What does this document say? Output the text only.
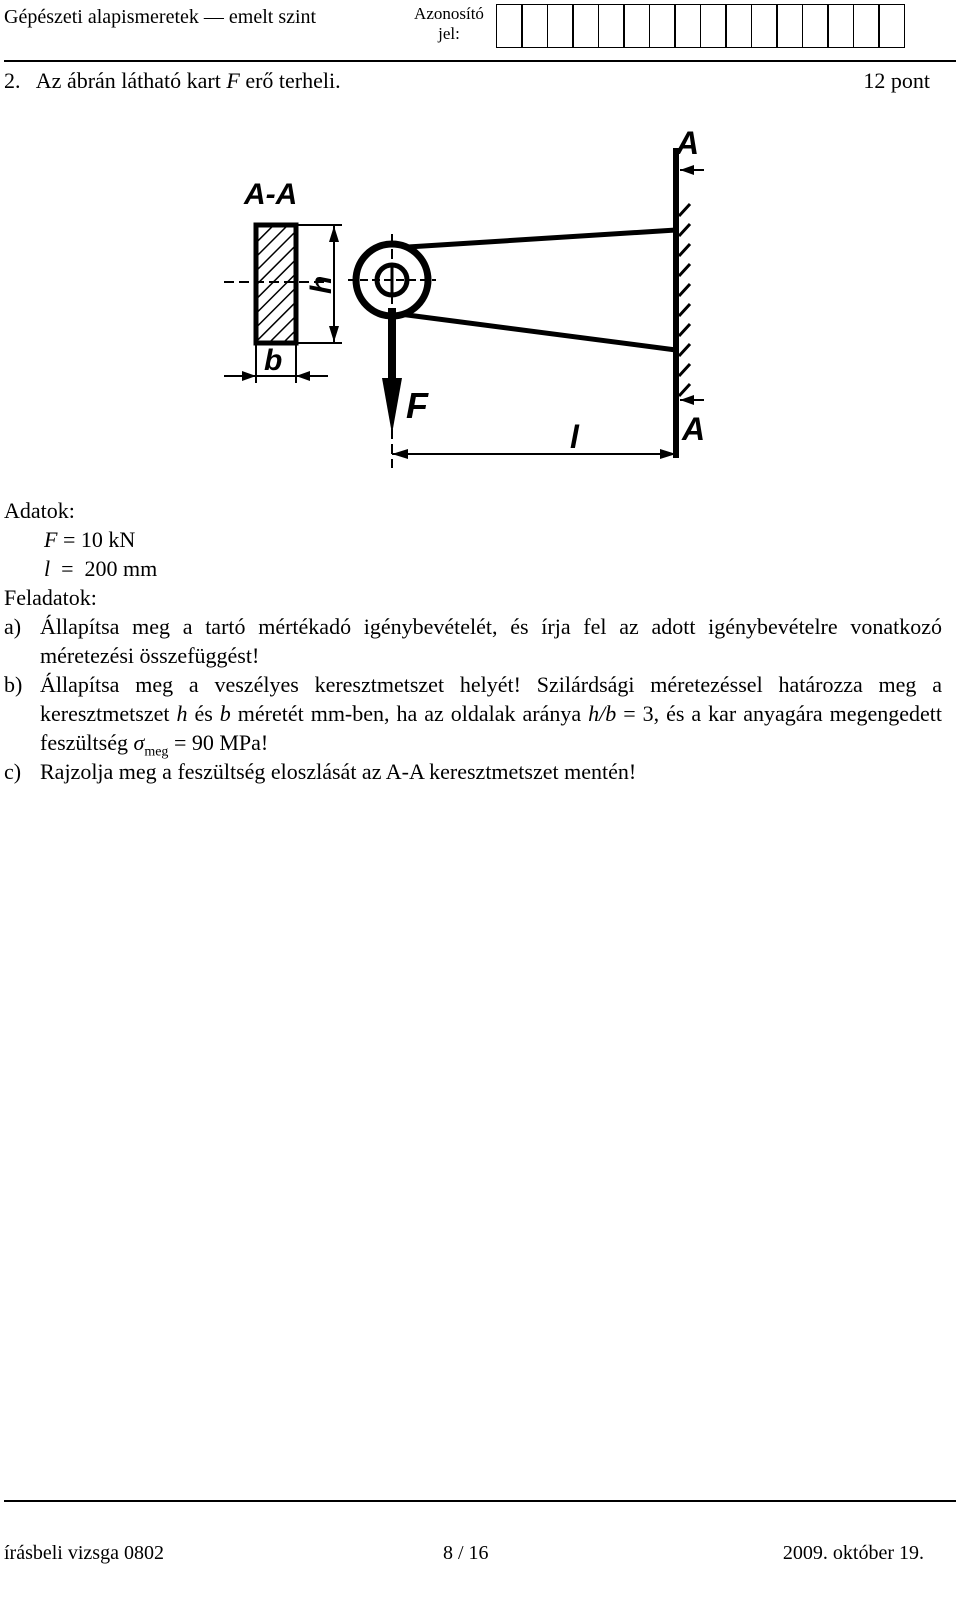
Gépészeti alapismeretek — emelt szint	Azonosító
jel:
2. Az ábrán látható kart F erő terheli.	12 pont
A-A
h
b
F
A
A
l
Adatok:
F = 10 kN
l  =  200 mm
Feladatok:
a) Állapítsa meg a tartó mértékadó igénybevételét, és írja fel az adott igénybevételre vonatkozó méretezési összefüggést!
b) Állapítsa meg a veszélyes keresztmetszet helyét! Szilárdsági méretezéssel határozza meg a keresztmetszet h és b méretét mm-ben, ha az oldalak aránya h/b = 3, és a kar anyagára megengedett feszültség $\sigma_{meg} = 90$ MPa!
c) Rajzolja meg a feszültség eloszlását az A-A keresztmetszet mentén!
írásbeli vizsga 0802	8 / 16	2009. október 19.
